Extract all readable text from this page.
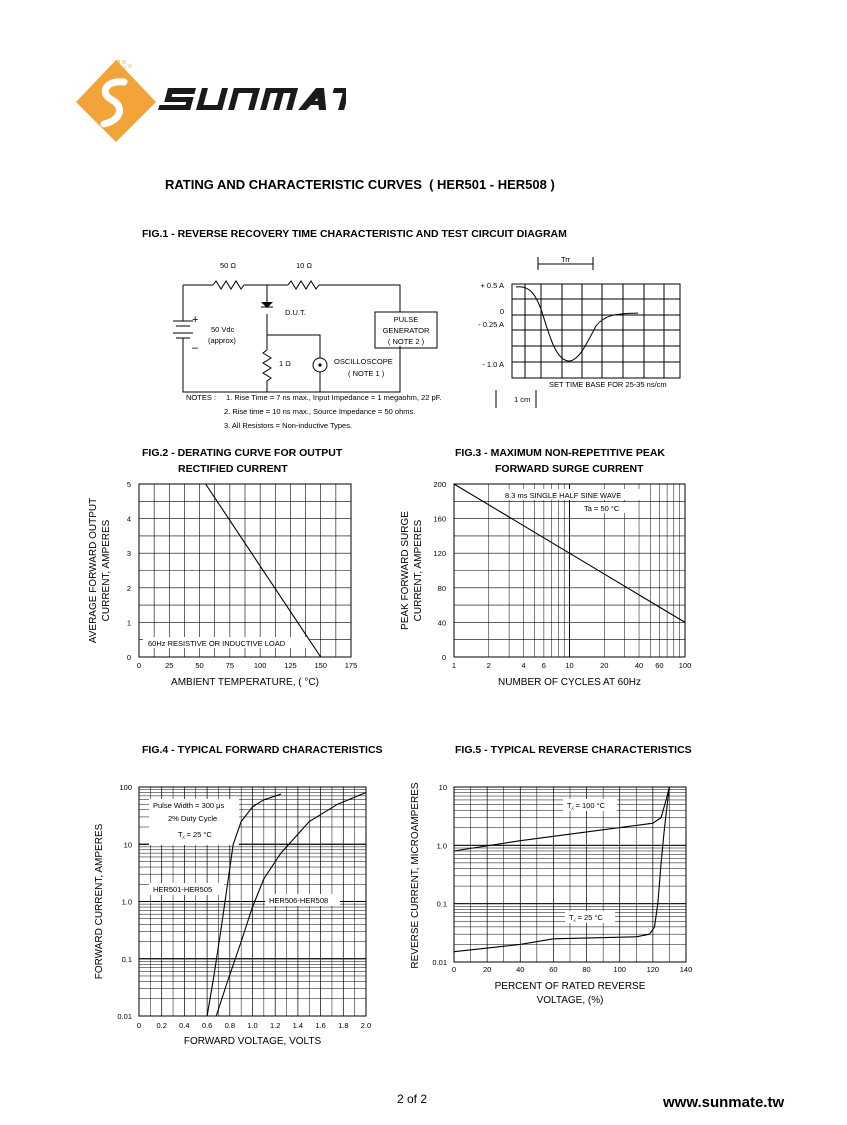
RATING AND CHARACTERISTIC CURVES  ( HER501 - HER508 )
FIG.1 - REVERSE RECOVERY TIME CHARACTERISTIC AND TEST CIRCUIT DIAGRAM
50 Ω	10 Ω
D.U.T.
1 Ω
50 Vdc
(approx)
+
–
PULSE
GENERATOR
( NOTE 2 )
OSCILLOSCOPE
( NOTE 1 )
Trr
+ 0.5 A
0
- 0.25 A
- 1.0 A
SET TIME BASE FOR 25-35 ns/cm
1 cm
NOTES : 1. Rise Time = 7 ns max., Input Impedance = 1 megaohm, 22 pF.
2. Rise time = 10 ns max., Source Impedance = 50 ohms.
3. All Resistors = Non-inductive Types.
FIG.2 - DERATING CURVE FOR OUTPUT
RECTIFIED CURRENT
FIG.3 - MAXIMUM NON-REPETITIVE PEAK
FORWARD SURGE CURRENT
FIG.4 - TYPICAL FORWARD CHARACTERISTICS	FIG.5 - TYPICAL REVERSE CHARACTERISTICS
0	25	50	75	100 125 150 175
0
1
2
3
4
5
60Hz RESISTIVE OR INDUCTIVE LOAD
AMBIENT TEMPERATURE, ( °C)
AVERAGE FORWARD OUTPUT CURRENT, AMPERES
1	2	4 6	10	20	40 60 100
0
40
80
120
160
200
8.3 ms SINGLE HALF SINE WAVE
Ta = 50 °C
NUMBER OF CYCLES AT 60Hz
PEAK FORWARD SURGE CURRENT, AMPERES
0 0.2 0.4 0.6 0.8 1.0 1.2 1.4 1.6 1.8 2.0
0.01
0.1
1.0
10
100
Pulse Width = 300 μs
2% Duty Cycle
T⁁ = 25 °C
HER501-HER505
HER506-HER508
FORWARD VOLTAGE, VOLTS
FORWARD CURRENT, AMPERES	0	20	40	60	80	100	120	140
0.01
0.1
1.0
10
T⁁ = 100 °C
T⁁ = 25 °C
PERCENT OF RATED REVERSE
VOLTAGE, (%)
REVERSE CURRENT, MICROAMPERES
2 of 2	www.sunmate.tw
